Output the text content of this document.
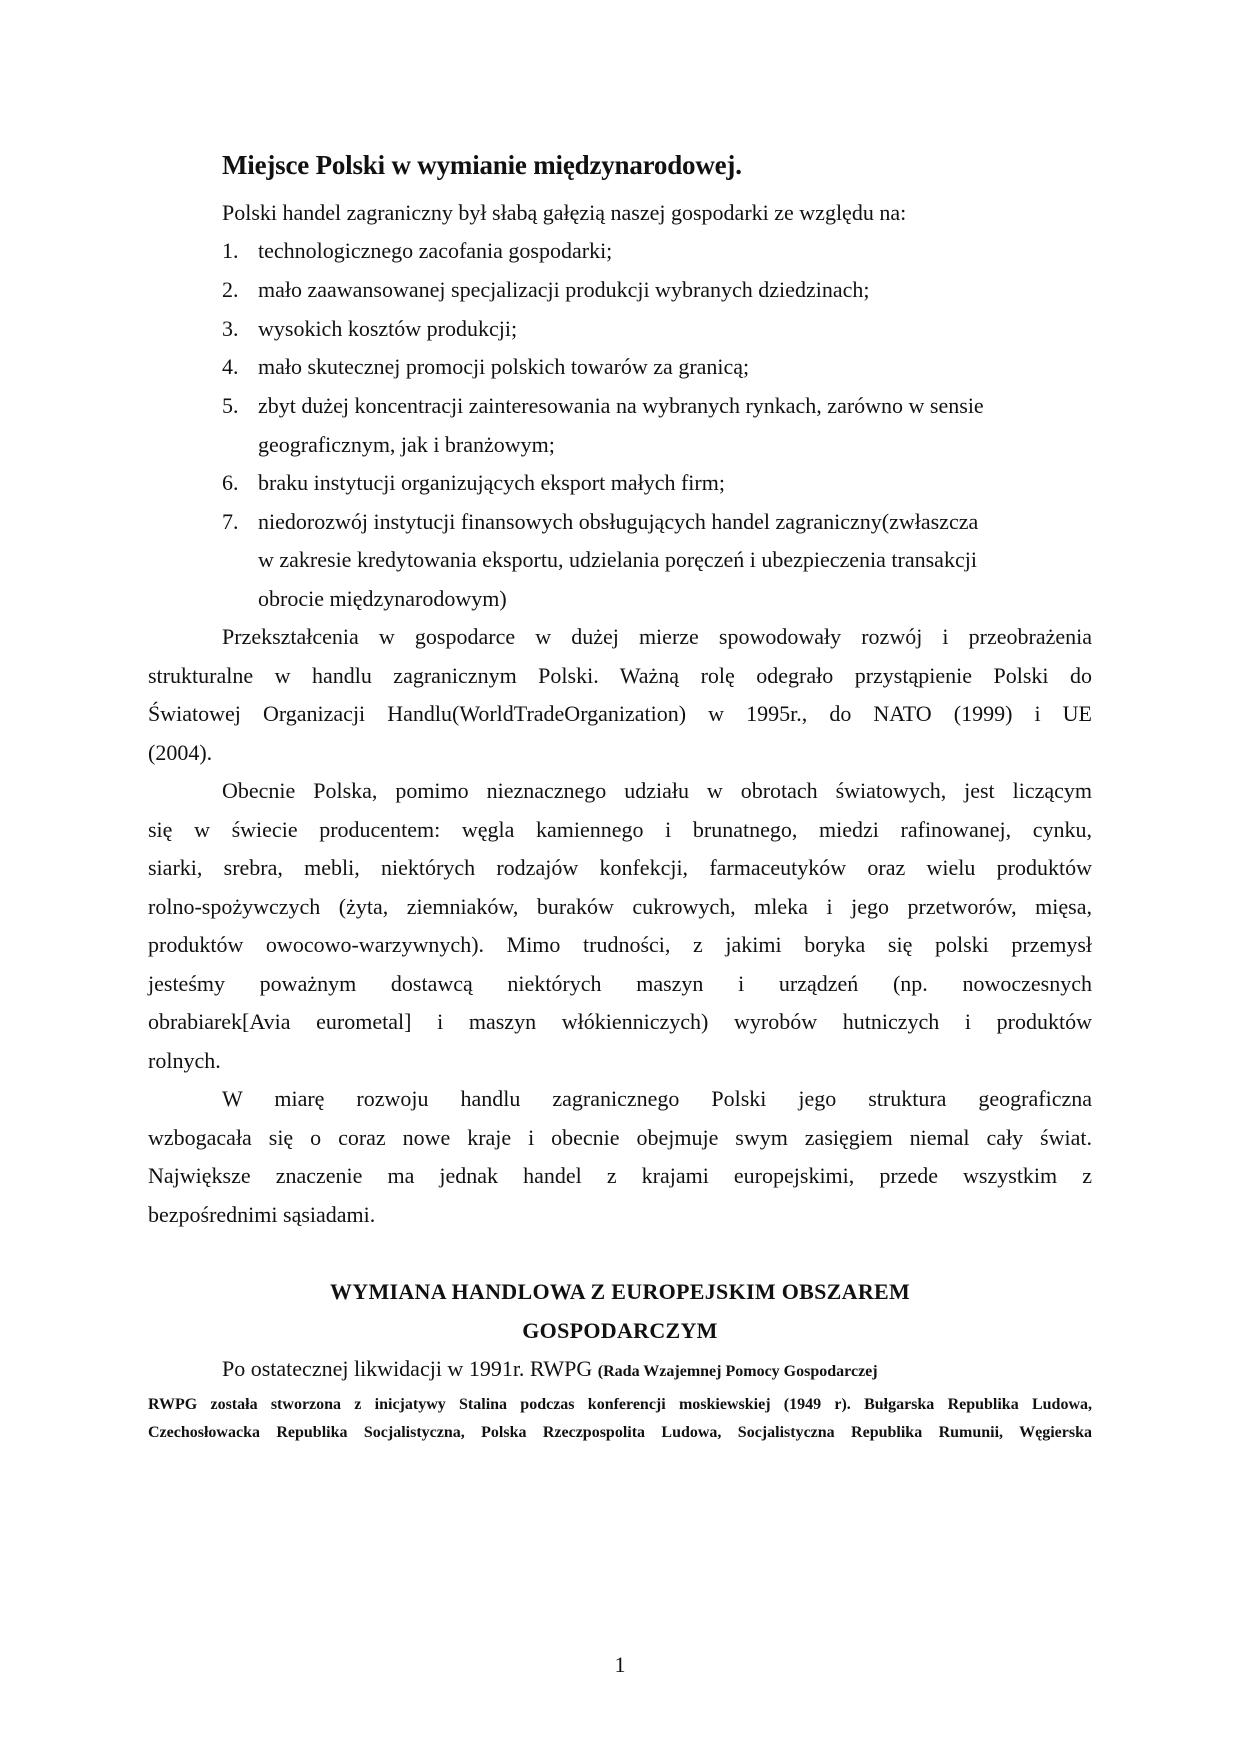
Miejsce Polski w wymianie międzynarodowej.
Polski handel zagraniczny był słabą gałęzią naszej gospodarki ze względu na:
1. technologicznego zacofania gospodarki;
2. mało zaawansowanej specjalizacji produkcji wybranych dziedzinach;
3. wysokich kosztów produkcji;
4. mało skutecznej promocji polskich towarów za granicą;
5. zbyt dużej koncentracji zainteresowania na wybranych rynkach, zarówno w sensie
geograficznym, jak i branżowym;
6. braku instytucji organizujących eksport małych firm;
7. niedorozwój instytucji finansowych obsługujących handel zagraniczny(zwłaszcza
w zakresie kredytowania eksportu, udzielania poręczeń i ubezpieczenia transakcji
obrocie międzynarodowym)
Przekształcenia w gospodarce w dużej mierze spowodowały rozwój i przeobrażenia
strukturalne w handlu zagranicznym Polski. Ważną rolę odegrało przystąpienie Polski do
Światowej Organizacji Handlu(WorldTradeOrganization) w 1995r., do NATO (1999) i UE
(2004).
Obecnie Polska, pomimo nieznacznego udziału w obrotach światowych, jest liczącym
się w świecie producentem: węgla kamiennego i brunatnego, miedzi rafinowanej, cynku,
siarki, srebra, mebli, niektórych rodzajów konfekcji, farmaceutyków oraz wielu produktów
rolno-spożywczych (żyta, ziemniaków, buraków cukrowych, mleka i jego przetworów, mięsa,
produktów owocowo-warzywnych). Mimo trudności, z jakimi boryka się polski przemysł
jesteśmy poważnym dostawcą niektórych maszyn i urządzeń (np. nowoczesnych
obrabiarek[Avia eurometal] i maszyn włókienniczych) wyrobów hutniczych i produktów
rolnych.
W miarę rozwoju handlu zagranicznego Polski jego struktura geograficzna
wzbogacała się o coraz nowe kraje i obecnie obejmuje swym zasięgiem niemal cały świat.
Największe znaczenie ma jednak handel z krajami europejskimi, przede wszystkim z
bezpośrednimi sąsiadami.
WYMIANA HANDLOWA Z EUROPEJSKIM OBSZAREM
GOSPODARCZYM
Po ostatecznej likwidacji w 1991r. RWPG (Rada Wzajemnej Pomocy Gospodarczej
RWPG została stworzona z inicjatywy Stalina podczas konferencji moskiewskiej (1949 r). Bułgarska Republika Ludowa,
Czechosłowacka Republika Socjalistyczna, Polska Rzeczpospolita Ludowa, Socjalistyczna Republika Rumunii, Węgierska
1
